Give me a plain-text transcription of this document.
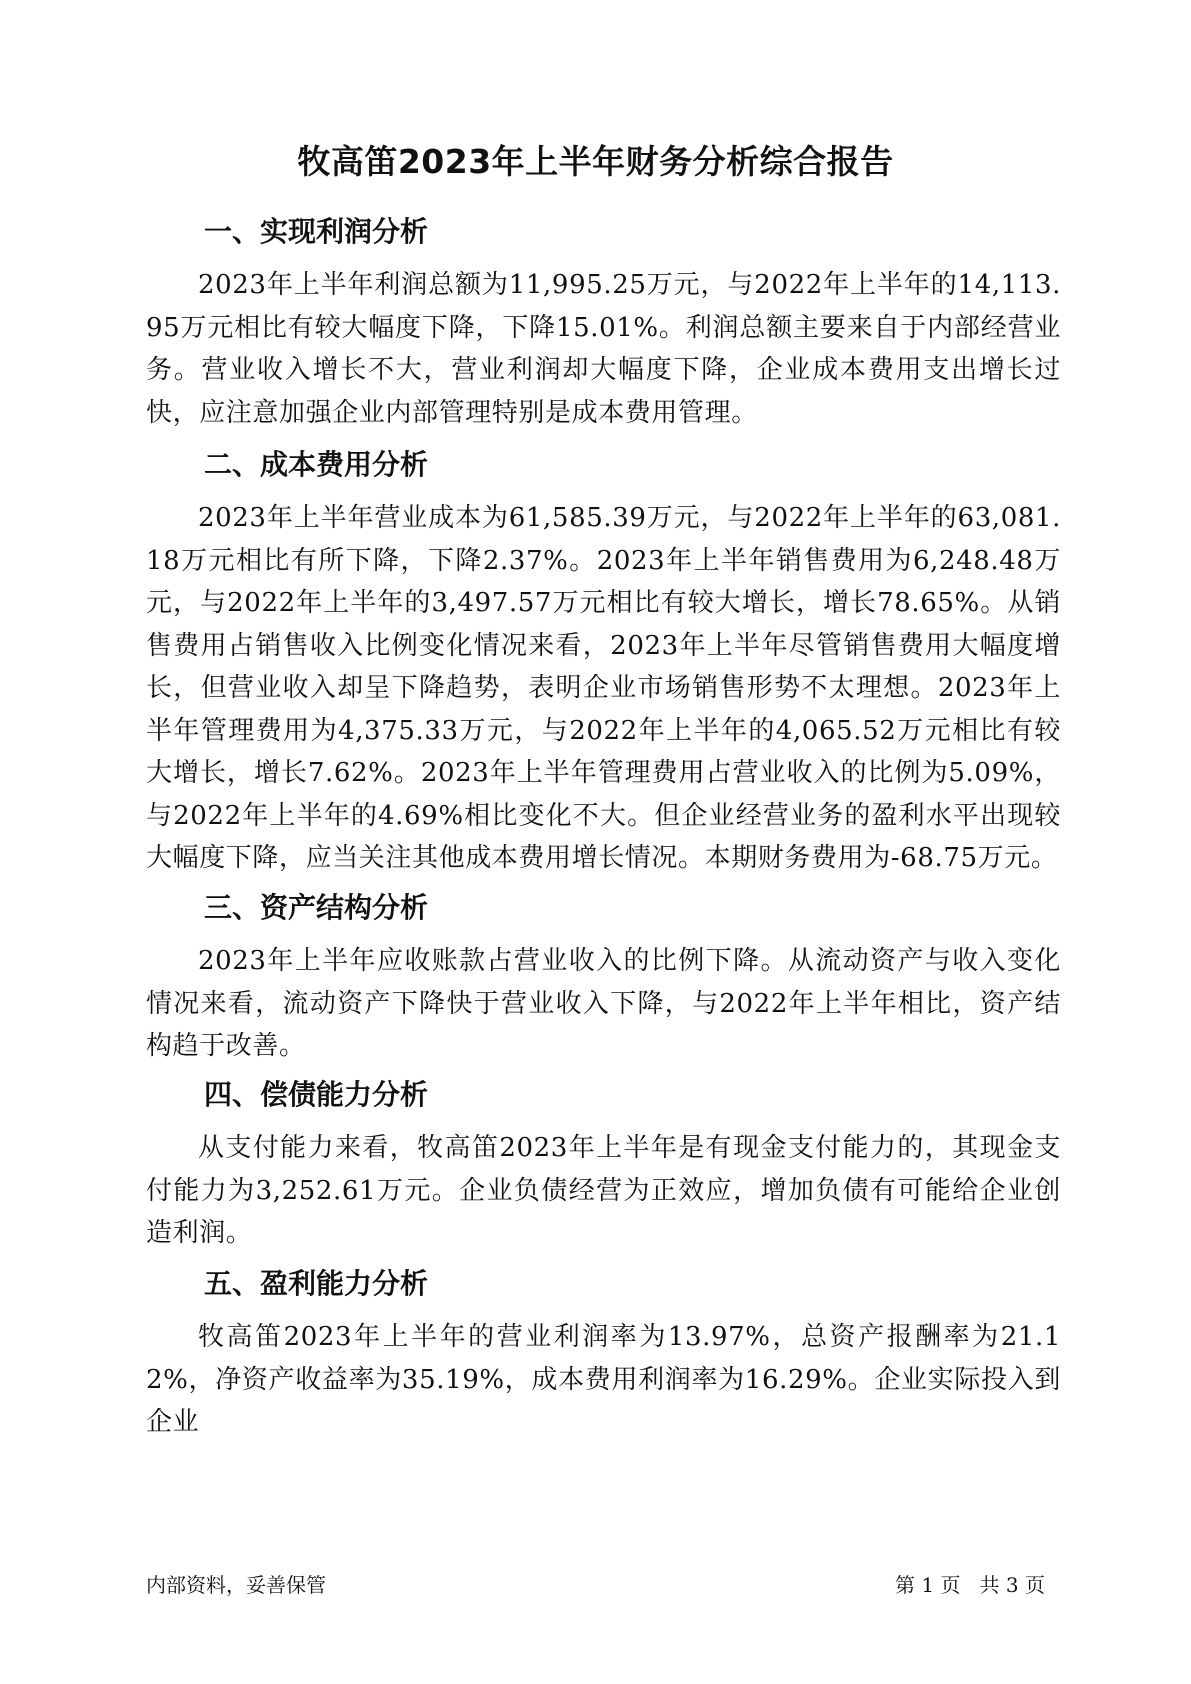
牧高笛2023年上半年财务分析综合报告
一、实现利润分析

2023年上半年利润总额为11,995.25万元，与2022年上半年的14,113.95万元相比有较大幅度下降，下降15.01%。利润总额主要来自于内部经营业务。营业收入增长不大，营业利润却大幅度下降，企业成本费用支出增长过快，应注意加强企业内部管理特别是成本费用管理。

二、成本费用分析

2023年上半年营业成本为61,585.39万元，与2022年上半年的63,081.18万元相比有所下降，下降2.37%。2023年上半年销售费用为6,248.48万元，与2022年上半年的3,497.57万元相比有较大增长，增长78.65%。从销售费用占销售收入比例变化情况来看，2023年上半年尽管销售费用大幅度增长，但营业收入却呈下降趋势，表明企业市场销售形势不太理想。2023年上半年管理费用为4,375.33万元，与2022年上半年的4,065.52万元相比有较大增长，增长7.62%。2023年上半年管理费用占营业收入的比例为5.09%，与2022年上半年的4.69%相比变化不大。但企业经营业务的盈利水平出现较大幅度下降，应当关注其他成本费用增长情况。本期财务费用为-68.75万元。

三、资产结构分析

2023年上半年应收账款占营业收入的比例下降。从流动资产与收入变化情况来看，流动资产下降快于营业收入下降，与2022年上半年相比，资产结构趋于改善。

四、偿债能力分析

从支付能力来看，牧高笛2023年上半年是有现金支付能力的，其现金支付能力为3,252.61万元。企业负债经营为正效应，增加负债有可能给企业创造利润。

五、盈利能力分析

牧高笛2023年上半年的营业利润率为13.97%，总资产报酬率为21.12%，净资产收益率为35.19%，成本费用利润率为16.29%。企业实际投入到企业

内部资料，妥善保管	第 1 页   共 3 页
